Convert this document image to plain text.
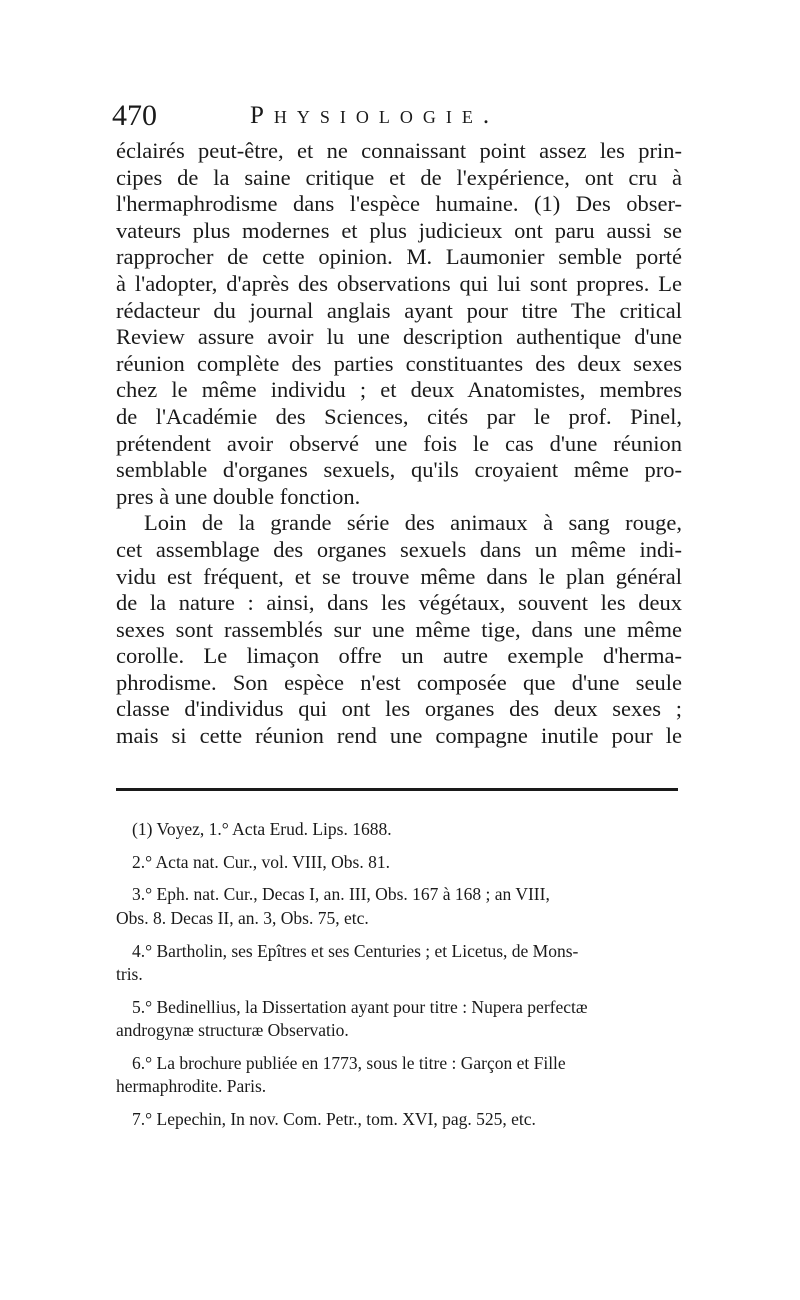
470	Physiologie.
éclairés peut-être, et ne connaissant point assez les prin-
cipes de la saine critique et de l'expérience, ont cru à
l'hermaphrodisme dans l'espèce humaine. (1) Des obser-
vateurs plus modernes et plus judicieux ont paru aussi se
rapprocher de cette opinion. M. Laumonier semble porté
à l'adopter, d'après des observations qui lui sont propres. Le
rédacteur du journal anglais ayant pour titre The critical
Review assure avoir lu une description authentique d'une
réunion complète des parties constituantes des deux sexes
chez le même individu ; et deux Anatomistes, membres
de l'Académie des Sciences, cités par le prof. Pinel,
prétendent avoir observé une fois le cas d'une réunion
semblable d'organes sexuels, qu'ils croyaient même pro-
pres à une double fonction.
Loin de la grande série des animaux à sang rouge,
cet assemblage des organes sexuels dans un même indi-
vidu est fréquent, et se trouve même dans le plan général
de la nature : ainsi, dans les végétaux, souvent les deux
sexes sont rassemblés sur une même tige, dans une même
corolle. Le limaçon offre un autre exemple d'herma-
phrodisme. Son espèce n'est composée que d'une seule
classe d'individus qui ont les organes des deux sexes ;
mais si cette réunion rend une compagne inutile pour le
(1) Voyez, 1.° Acta Erud. Lips. 1688.
2.° Acta nat. Cur., vol. VIII, Obs. 81.
3.° Eph. nat. Cur., Decas I, an. III, Obs. 167 à 168 ; an VIII,
Obs. 8. Decas II, an. 3, Obs. 75, etc.
4.° Bartholin, ses Epîtres et ses Centuries ; et Licetus, de Mons-
tris.
5.° Bedinellius, la Dissertation ayant pour titre : Nupera perfectæ
androgynæ structuræ Observatio.
6.° La brochure publiée en 1773, sous le titre : Garçon et Fille
hermaphrodite. Paris.
7.° Lepechin, In nov. Com. Petr., tom. XVI, pag. 525, etc.
